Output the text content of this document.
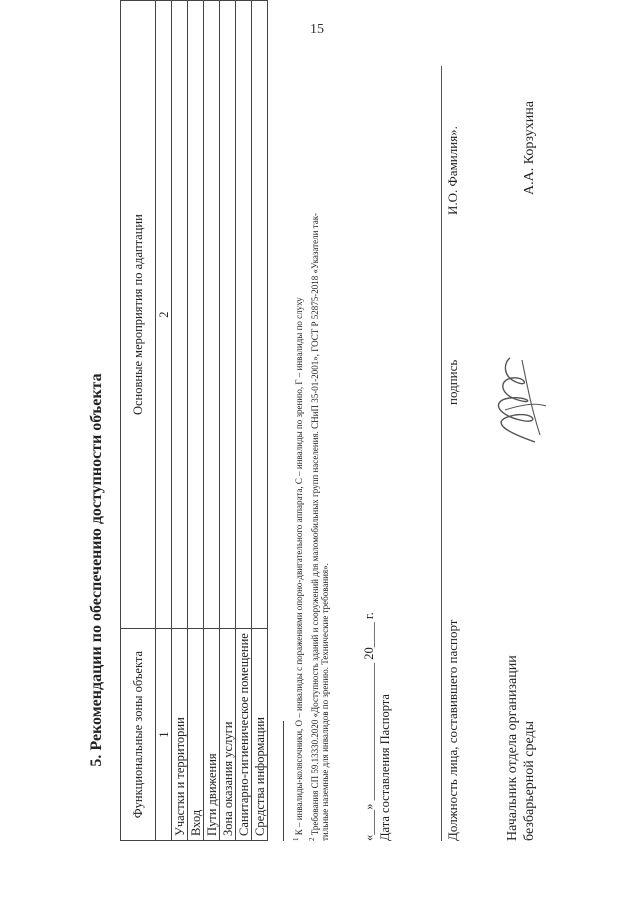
15
5. Рекомендации по обеспечению доступности объекта Функциональные зоны объекта	Основные мероприятия по адаптации
1	2
Участки и территории	
Вход	
Пути движения	
Зона оказания услуги	
Санитарно-гигиеническое помещение	
Средства информации	
$^1$ К – инвалиды-колясочники, О – инвалиды с поражениями опорно-двигательного аппарата, С – инвалиды по зрению, Г – инвалиды по слуху
$^2$ Требования СП 59.13330.2020 «Доступность зданий и сооружений для маломобильных групп населения. СНиП 35-01-2001», ГОСТ Р 52875-2018 «Указатели так- тильные наземные для инвалидов по зрению. Технические требования».	«____» ______________________ 20____ г. Дата составления Паспорта	Должность лица, составившего паспорт
подпись
И.О. Фамилия».
Начальник отдела организации безбарьерной среды
А.А. Корзухина
